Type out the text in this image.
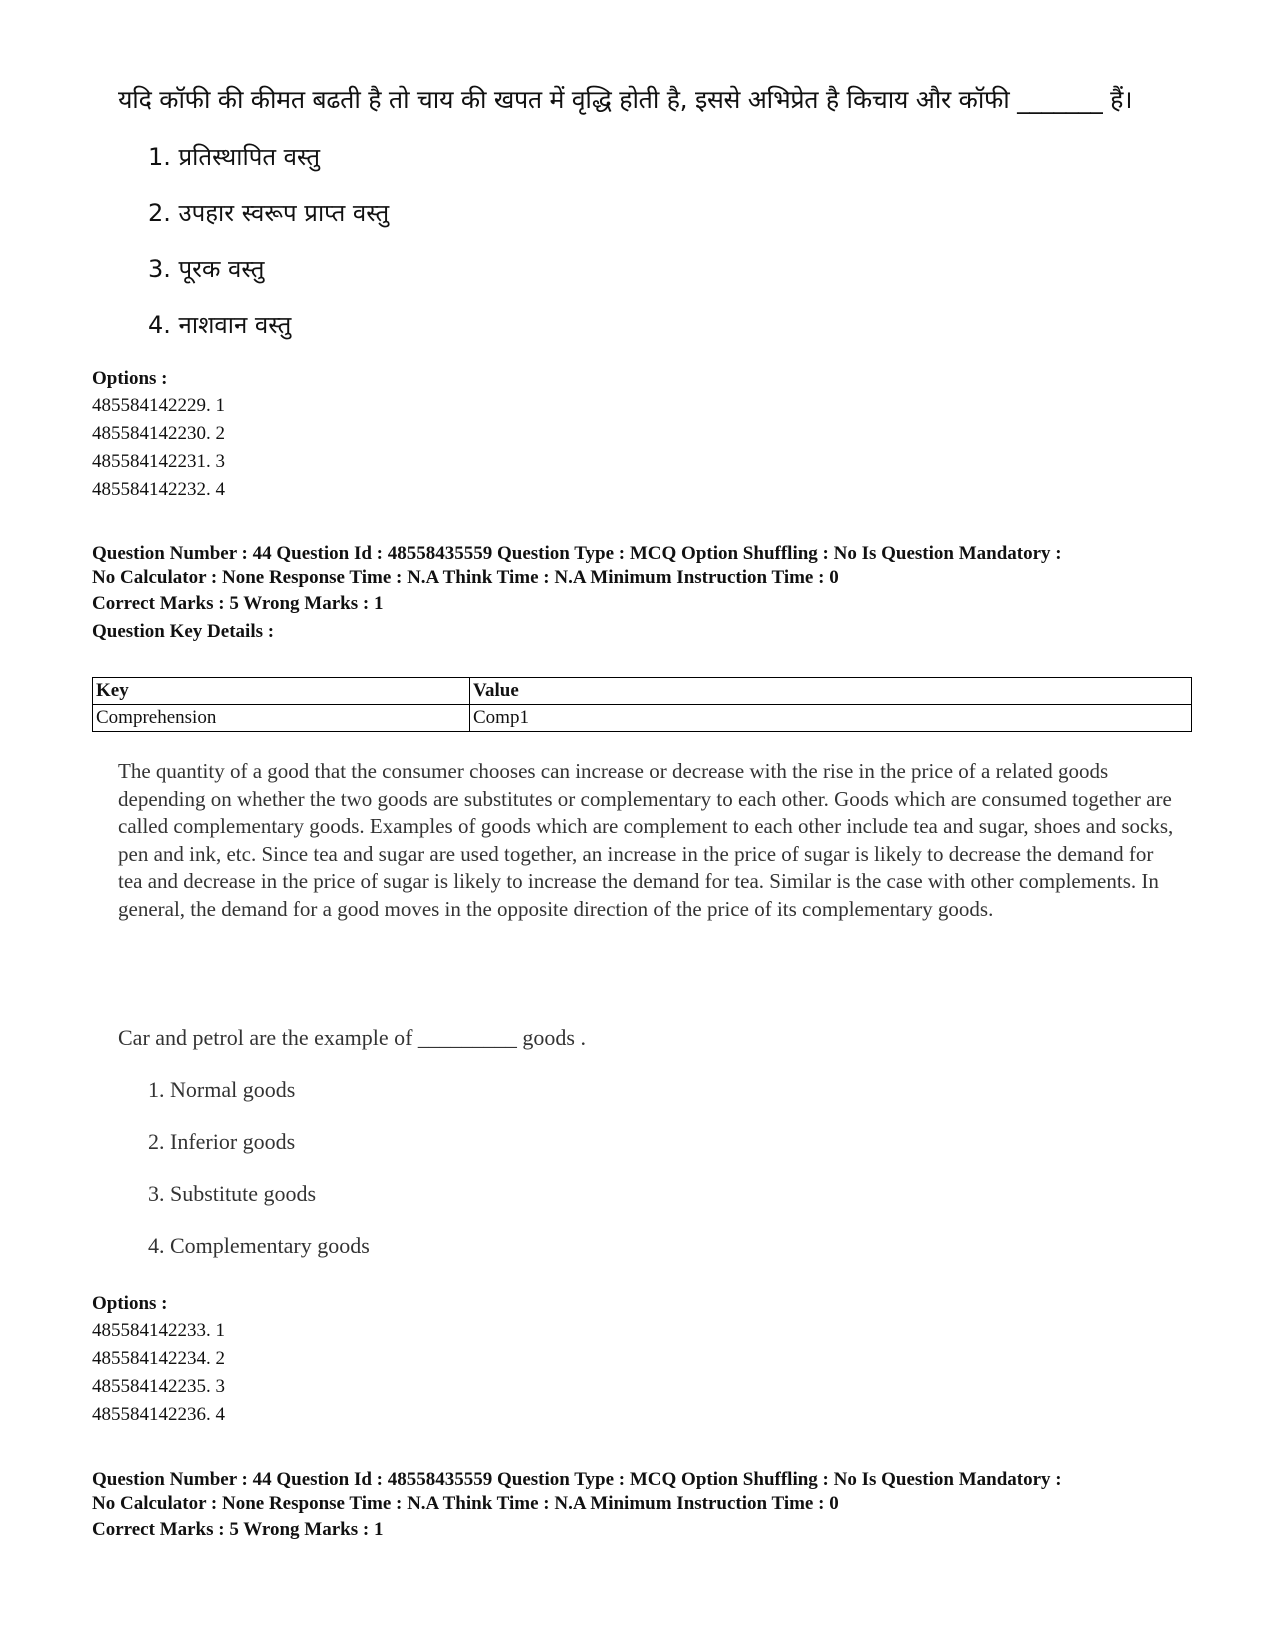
यदि कॉफी की कीमत बढती है तो चाय की खपत में वृद्धि होती है, इससे अभिप्रेत है किचाय और कॉफी _______ हैं।
1. प्रतिस्थापित वस्तु
2. उपहार स्वरूप प्राप्त वस्तु
3. पूरक वस्तु
4. नाशवान वस्तु
Options :
485584142229. 1
485584142230. 2
485584142231. 3
485584142232. 4
Question Number : 44 Question Id : 48558435559 Question Type : MCQ Option Shuffling : No Is Question Mandatory :
No Calculator : None Response Time : N.A Think Time : N.A Minimum Instruction Time : 0
Correct Marks : 5 Wrong Marks : 1
Question Key Details :
Key	Value
Comprehension	Comp1
The quantity of a good that the consumer chooses can increase or decrease with the rise in the price of a related goods depending on whether the two goods are substitutes or complementary to each other. Goods which are consumed together are called complementary goods. Examples of goods which are complement to each other include tea and sugar, shoes and socks, pen and ink, etc. Since tea and sugar are used together, an increase in the price of sugar is likely to decrease the demand for tea and decrease in the price of sugar is likely to increase the demand for tea. Similar is the case with other complements. In general, the demand for a good moves in the opposite direction of the price of its complementary goods.
Car and petrol are the example of _________ goods .
1. Normal goods
2. Inferior goods
3. Substitute goods
4. Complementary goods
Options :
485584142233. 1
485584142234. 2
485584142235. 3
485584142236. 4
Question Number : 44 Question Id : 48558435559 Question Type : MCQ Option Shuffling : No Is Question Mandatory :
No Calculator : None Response Time : N.A Think Time : N.A Minimum Instruction Time : 0
Correct Marks : 5 Wrong Marks : 1
